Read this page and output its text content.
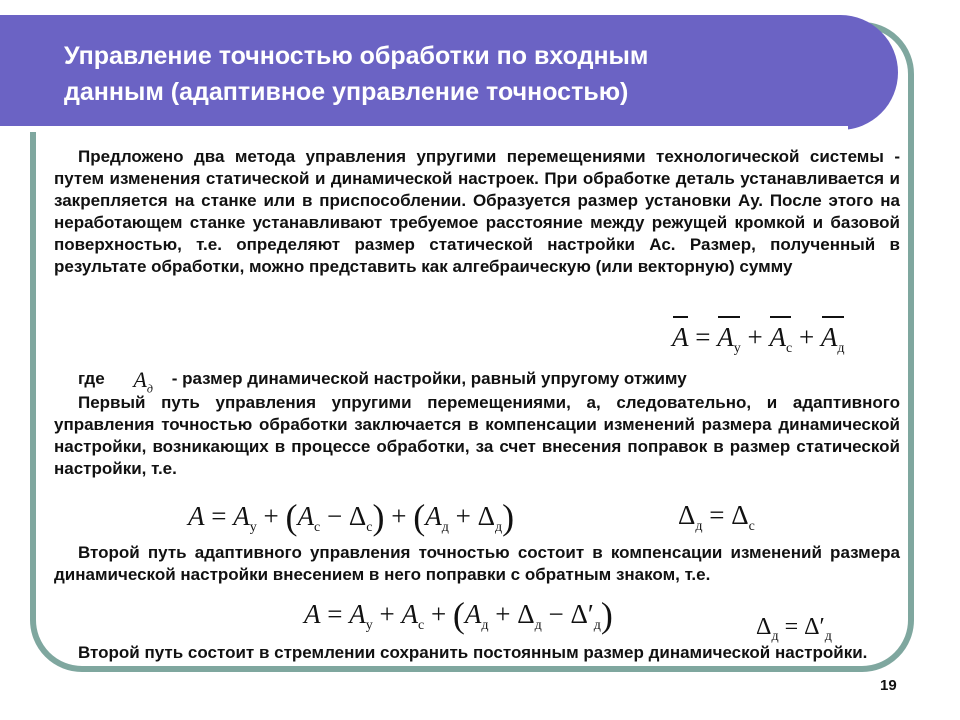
Управление точностью обработки по входным
данным (адаптивное управление точностью)

Предложено два метода управления упругими перемещениями технологической системы - путем изменения статической и динамической настроек. При обработке деталь устанавливается и закрепляется на станке или в приспособлении. Образуется размер установки Ау. После этого на неработающем станке устанавливают требуемое расстояние между режущей кромкой и базовой поверхностью, т.е. определяют размер статической настройки Ас. Размер, полученный в результате обработки, можно представить как алгебраическую (или векторную) сумму

$A = A_у + A_с + A_д$
где $A_д$ - размер динамической настройки, равный упругому отжиму

Первый путь управления упругими перемещениями, а, следовательно, и адаптивного управления точностью обработки заключается в компенсации изменений размера динамической настройки, возникающих в процессе обработки, за счет внесения поправок в размер статической настройки, т.е.

$A = A_у + (A_с - \Delta_с) + (A_д + \Delta_д)$	$\Delta_д = \Delta_с$

Второй путь адаптивного управления точностью состоит в компенсации изменений размера динамической настройки внесением в него поправки с обратным знаком, т.е.

$A = A_у + A_с + (A_д + \Delta_д - \Delta'_д)$	$\Delta_д = \Delta'_д$

Второй путь состоит в стремлении сохранить постоянным размер динамической настройки.

19
